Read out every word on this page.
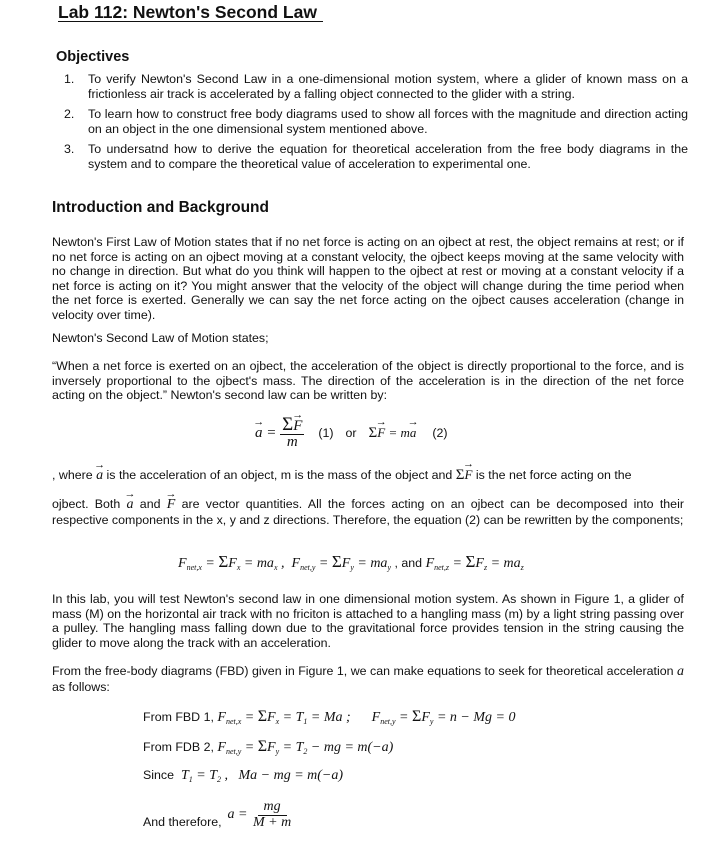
Lab 112: Newton's Second Law
Objectives
1.	To verify Newton's Second Law in a one-dimensional motion system, where a glider of known mass on a frictionless air track is accelerated by a falling object connected to the glider with a string.
2.	To learn how to construct free body diagrams used to show all forces with the magnitude and direction acting on an object in the one dimensional system mentioned above.
3.	To undersatnd how to derive the equation for theoretical acceleration from the free body diagrams in the system and to compare the theoretical value of acceleration to experimental one.
Introduction and Background
Newton's First Law of Motion states that if no net force is acting on an ojbect at rest, the object remains at rest; or if no net force is acting on an ojbect moving at a constant velocity, the ojbect keeps moving at the same velocity with no change in direction. But what do you think will happen to the ojbect at rest or moving at a constant velocity if a net force is acting on it? You might answer that the velocity of the object will change during the time period when the net force is exerted. Generally we can say the net force acting on the ojbect causes acceleration (change in velocity over time).
Newton's Second Law of Motion states;
“When a net force is exerted on an ojbect, the acceleration of the object is directly proportional to the force, and is inversely proportional to the ojbect's mass. The direction of the acceleration is in the direction of the net force acting on the object.” Newton's second law can be written by:
→ $a = \frac{\Sigma\to F}{m} (1)$ or Σ→ F = m→ a (2)
, where → a is the acceleration of an object, m is the mass of the object and Σ→ F is the net force acting on the
ojbect. Both → a and → F are vector quantities. All the forces acting on an ojbect can be decomposed into their respective components in the x, y and z directions. Therefore, the equation (2) can be rewritten by the components;
$F_{net,x} = \Sigma F_x = ma_x$ ,  $F_{net,y} = \Sigma F_y = ma_y$ , and $F_{net,z} = \Sigma F_z = ma_z$
In this lab, you will test Newton's second law in one dimensional motion system. As shown in Figure 1, a glider of mass (M) on the horizontal air track with no friciton is attached to a hangling mass (m) by a light string passing over a pulley. The hangling mass falling down due to the gravitational force provides tension in the string causing the glider to move along the track with an acceleration.
From the free-body diagrams (FBD) given in Figure 1, we can make equations to seek for theoretical acceleration a as follows:
From FBD 1, $F_{net,x} = \Sigma F_x = T_1 = Ma$ ;      $F_{net,y} = \Sigma F_y = n - Mg = 0$
From FDB 2, $F_{net,y} = \Sigma F_y = T_2$ − mg = m(−a)
Since  $T_1 = T_2$ ,   Ma − mg = m(−a)
And therefore, $a = \frac{mg}{M + m}$
